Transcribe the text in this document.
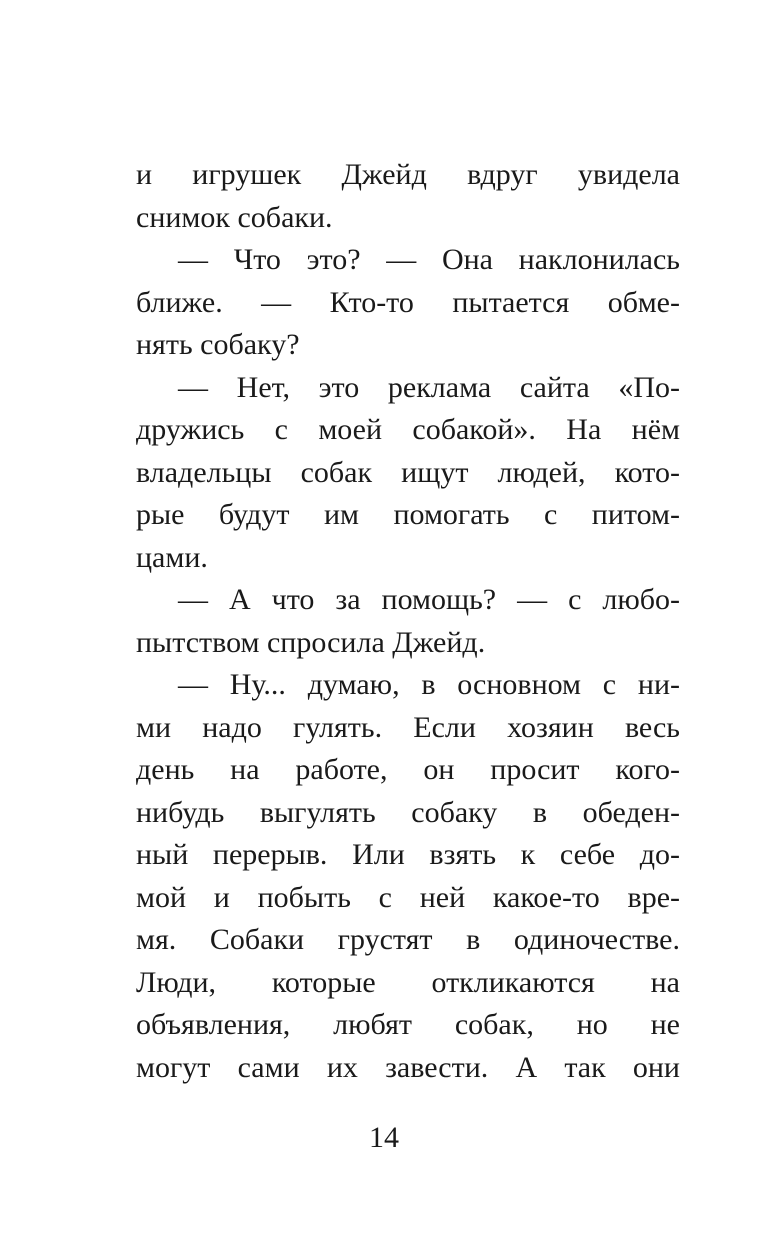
и игрушек Джейд вдруг увидела
снимок собаки.
— Что это? — Она наклонилась
ближе. — Кто-то пытается обме-
нять собаку?
— Нет, это реклама сайта «По-
дружись с моей собакой». На нём
владельцы собак ищут людей, кото-
рые будут им помогать с питом-
цами.
— А что за помощь? — с любо-
пытством спросила Джейд.
— Ну... думаю, в основном с ни-
ми надо гулять. Если хозяин весь
день на работе, он просит кого-
нибудь выгулять собаку в обеден-
ный перерыв. Или взять к себе до-
мой и побыть с ней какое-то вре-
мя. Собаки грустят в одиночестве.
Люди, которые откликаются на
объявления, любят собак, но не
могут сами их завести. А так они
14
